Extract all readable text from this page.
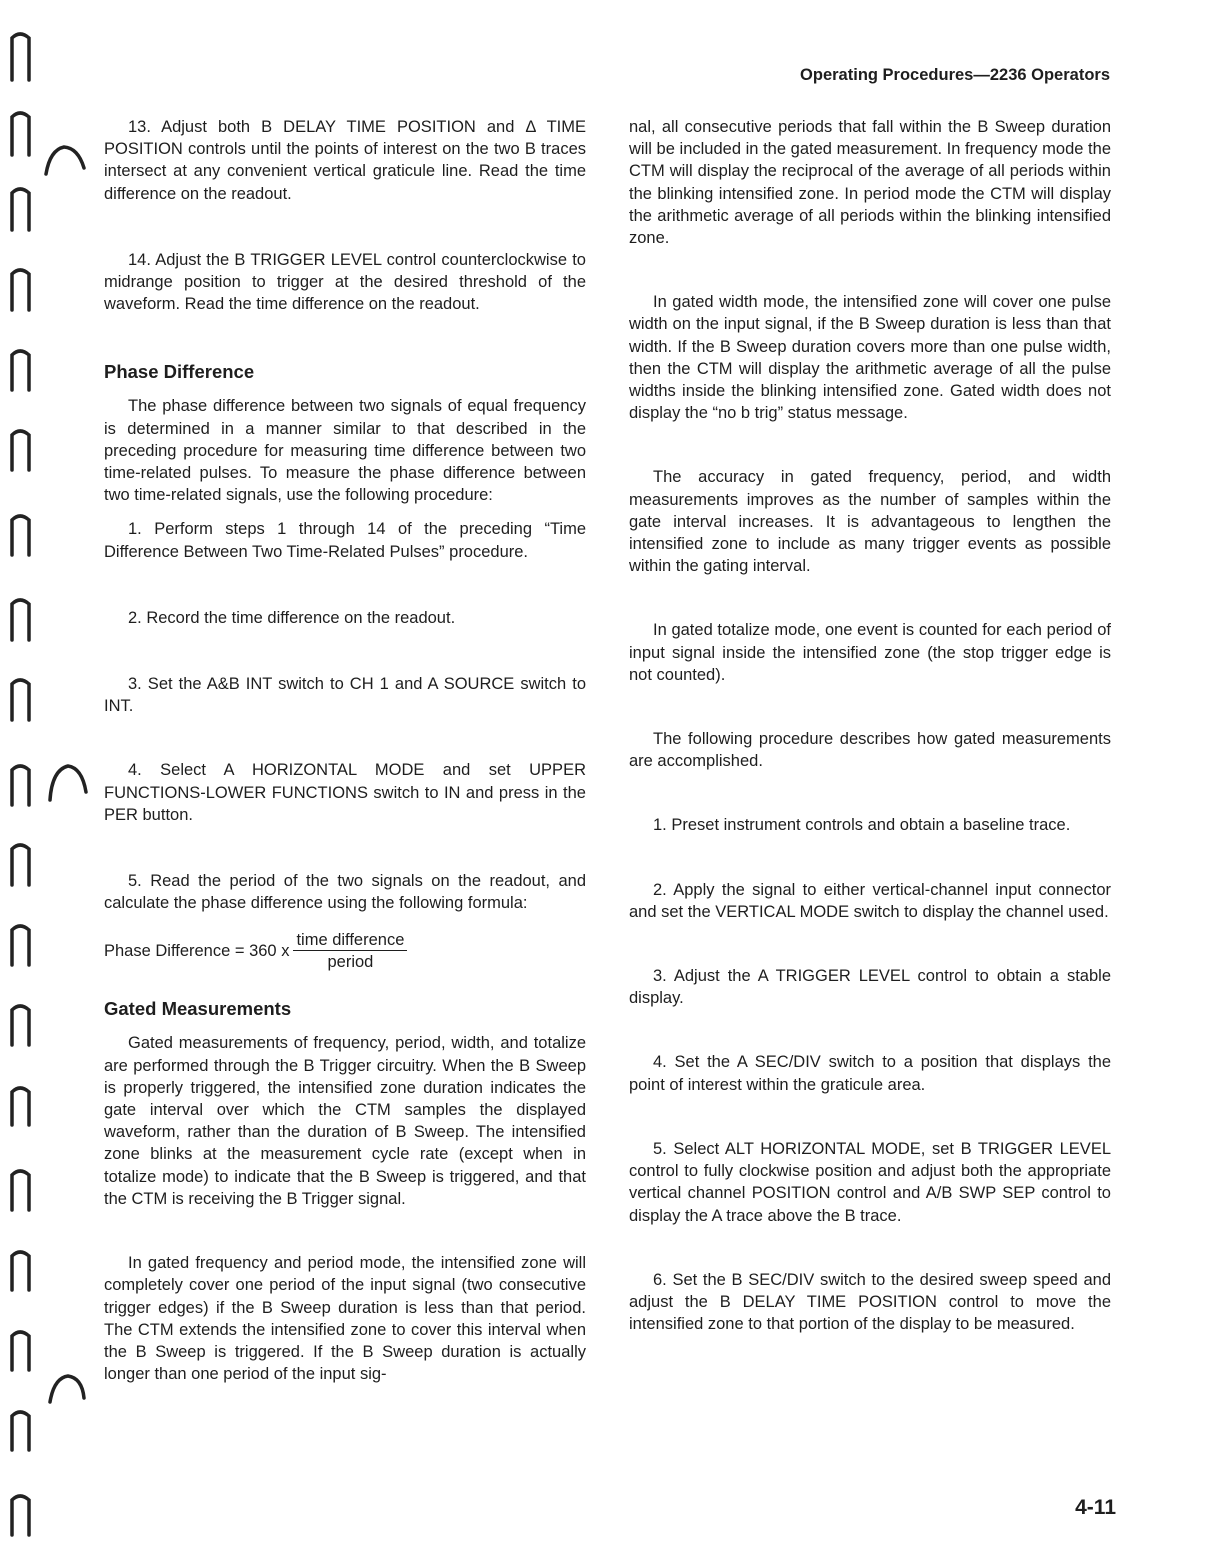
Operating Procedures—2236 Operators

13. Adjust both B DELAY TIME POSITION and Δ TIME POSITION controls until the points of interest on the two B traces intersect at any convenient vertical graticule line. Read the time difference on the readout.

14. Adjust the B TRIGGER LEVEL control counterclockwise to midrange position to trigger at the desired threshold of the waveform. Read the time difference on the readout.

Phase Difference

The phase difference between two signals of equal frequency is determined in a manner similar to that described in the preceding procedure for measuring time difference between two time-related pulses. To measure the phase difference between two time-related signals, use the following procedure:

1. Perform steps 1 through 14 of the preceding “Time Difference Between Two Time-Related Pulses” procedure.

2. Record the time difference on the readout.

3. Set the A&B INT switch to CH 1 and A SOURCE switch to INT.

4. Select A HORIZONTAL MODE and set UPPER FUNCTIONS-LOWER FUNCTIONS switch to IN and press in the PER button.

5. Read the period of the two signals on the readout, and calculate the phase difference using the following formula:

Phase Difference = 360 x $\frac{\text{time difference}}{\text{period}}$
Gated Measurements

Gated measurements of frequency, period, width, and totalize are performed through the B Trigger circuitry. When the B Sweep is properly triggered, the intensified zone duration indicates the gate interval over which the CTM samples the displayed waveform, rather than the duration of B Sweep. The intensified zone blinks at the measurement cycle rate (except when in totalize mode) to indicate that the B Sweep is triggered, and that the CTM is receiving the B Trigger signal.

In gated frequency and period mode, the intensified zone will completely cover one period of the input signal (two consecutive trigger edges) if the B Sweep duration is less than that period. The CTM extends the intensified zone to cover this interval when the B Sweep is triggered. If the B Sweep duration is actually longer than one period of the input sig-

nal, all consecutive periods that fall within the B Sweep duration will be included in the gated measurement. In frequency mode the CTM will display the reciprocal of the average of all periods within the blinking intensified zone. In period mode the CTM will display the arithmetic average of all periods within the blinking intensified zone.

In gated width mode, the intensified zone will cover one pulse width on the input signal, if the B Sweep duration is less than that width. If the B Sweep duration covers more than one pulse width, then the CTM will display the arithmetic average of all the pulse widths inside the blinking intensified zone. Gated width does not display the “no b trig” status message.

The accuracy in gated frequency, period, and width measurements improves as the number of samples within the gate interval increases. It is advantageous to lengthen the intensified zone to include as many trigger events as possible within the gating interval.

In gated totalize mode, one event is counted for each period of input signal inside the intensified zone (the stop trigger edge is not counted).

The following procedure describes how gated measurements are accomplished.

1. Preset instrument controls and obtain a baseline trace.

2. Apply the signal to either vertical-channel input connector and set the VERTICAL MODE switch to display the channel used.

3. Adjust the A TRIGGER LEVEL control to obtain a stable display.

4. Set the A SEC/DIV switch to a position that displays the point of interest within the graticule area.

5. Select ALT HORIZONTAL MODE, set B TRIGGER LEVEL control to fully clockwise position and adjust both the appropriate vertical channel POSITION control and A/B SWP SEP control to display the A trace above the B trace.

6. Set the B SEC/DIV switch to the desired sweep speed and adjust the B DELAY TIME POSITION control to move the intensified zone to that portion of the display to be measured.

4-11
